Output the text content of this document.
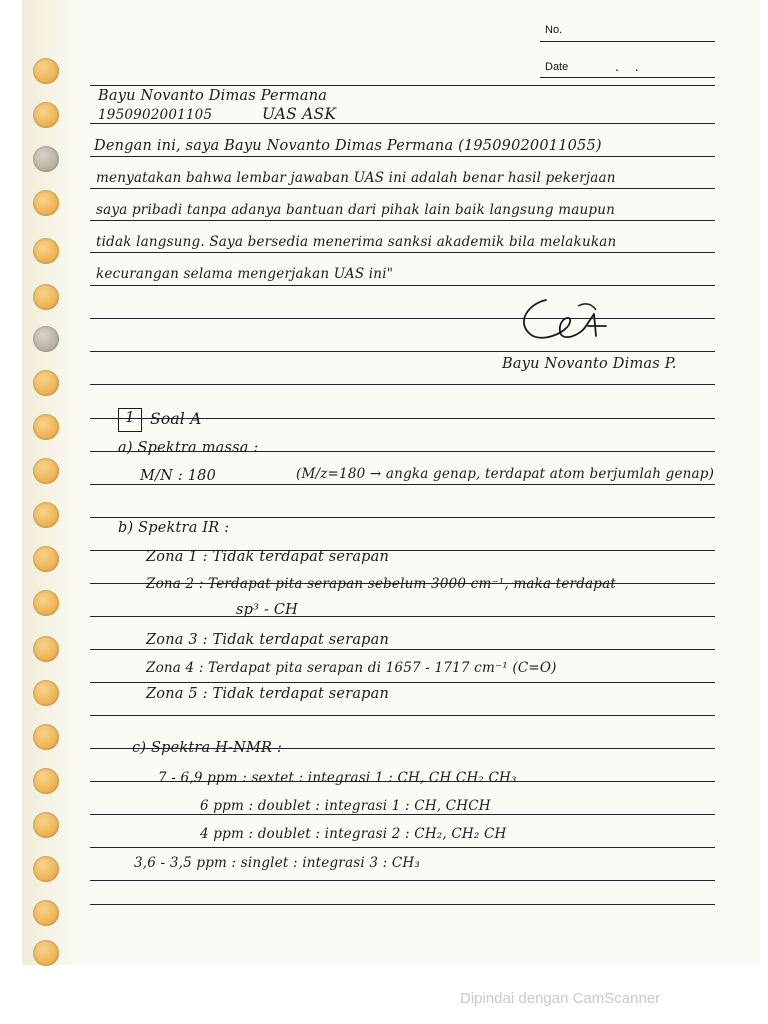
No.
Date	. .
Bayu Novanto Dimas Permana
1950902001105	UAS ASK
Dengan ini, saya Bayu Novanto Dimas Permana (19509020011055)
menyatakan bahwa lembar jawaban UAS ini adalah benar hasil pekerjaan
saya pribadi tanpa adanya bantuan dari pihak lain baik langsung maupun
tidak langsung. Saya bersedia menerima sanksi akademik bila melakukan
kecurangan selama mengerjakan UAS ini"
Bayu Novanto Dimas P.
1 Soal A
a) Spektra massa :
M/N : 180	(M/z=180 → angka genap, terdapat atom berjumlah genap)
b) Spektra IR :
Zona 1 : Tidak terdapat serapan
Zona 2 : Terdapat pita serapan sebelum 3000 cm⁻¹, maka terdapat
sp³ - CH
Zona 3 : Tidak terdapat serapan
Zona 4 : Terdapat pita serapan di 1657 - 1717 cm⁻¹ (C=O)
Zona 5 : Tidak terdapat serapan
c) Spektra H-NMR :
7 - 6,9 ppm : sextet : integrasi 1 : CH, CH CH₂ CH₃
6 ppm : doublet : integrasi 1 : CH, CHCH
4 ppm : doublet : integrasi 2 : CH₂, CH₂ CH
3,6 - 3,5 ppm : singlet : integrasi 3 : CH₃
Dipindai dengan CamScanner
